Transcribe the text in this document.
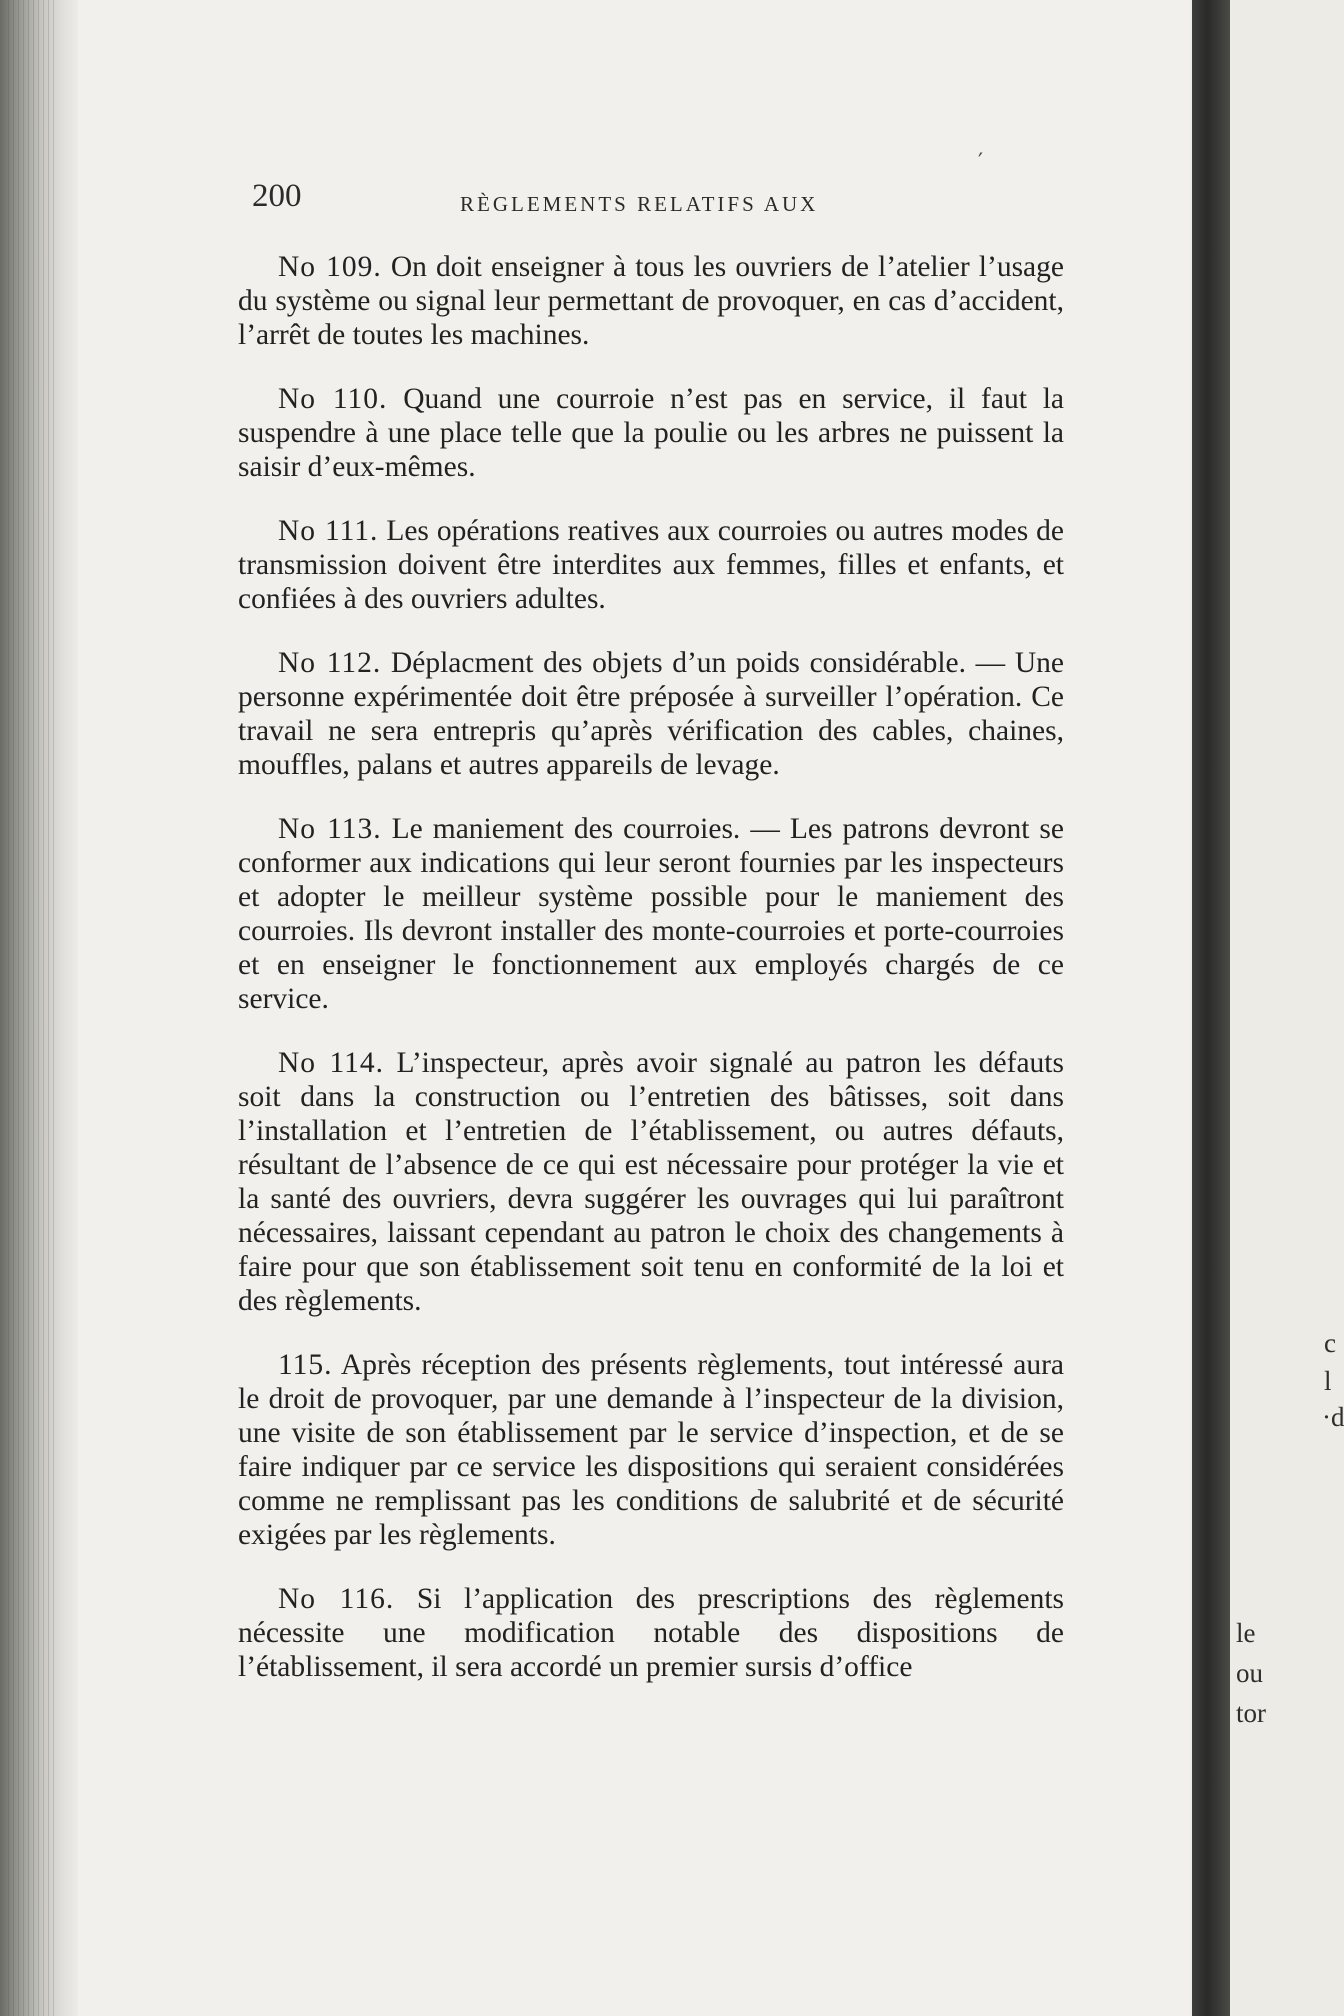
200	RÈGLEMENTS RELATIFS AUX
′

No 109. On doit enseigner à tous les ouvriers de l’atelier l’usage du système ou signal leur permettant de provoquer, en cas d’accident, l’arrêt de toutes les machines.

No 110. Quand une courroie n’est pas en service, il faut la suspendre à une place telle que la poulie ou les arbres ne puissent la saisir d’eux-mêmes.

No 111. Les opérations reatives aux courroies ou autres modes de transmission doivent être interdites aux femmes, filles et enfants, et confiées à des ouvriers adultes.

No 112. Déplacment des objets d’un poids considérable. — Une personne expérimentée doit être préposée à surveiller l’opération. Ce travail ne sera entrepris qu’après vérification des cables, chaines, mouffles, palans et autres appareils de levage.

No 113. Le maniement des courroies. — Les patrons devront se conformer aux indications qui leur seront fournies par les inspecteurs et adopter le meilleur système possible pour le maniement des courroies. Ils devront installer des monte-courroies et porte-courroies et en enseigner le fonctionnement aux employés chargés de ce service.

No 114. L’inspecteur, après avoir signalé au patron les défauts soit dans la construction ou l’entretien des bâtisses, soit dans l’installation et l’entretien de l’établissement, ou autres défauts, résultant de l’absence de ce qui est nécessaire pour protéger la vie et la santé des ouvriers, devra suggérer les ouvrages qui lui paraîtront nécessaires, laissant cependant au patron le choix des changements à faire pour que son établissement soit tenu en conformité de la loi et des règlements.

115. Après réception des présents règlements, tout intéressé aura le droit de provoquer, par une demande à l’inspecteur de la division, une visite de son établissement par le service d’inspection, et de se faire indiquer par ce service les dispositions qui seraient considérées comme ne remplissant pas les conditions de salubrité et de sécurité exigées par les règlements.

No 116. Si l’application des prescriptions des règlements nécessite une modification notable des dispositions de l’établissement, il sera accordé un premier sursis d’office

c
l
·d
le
ou
tor
